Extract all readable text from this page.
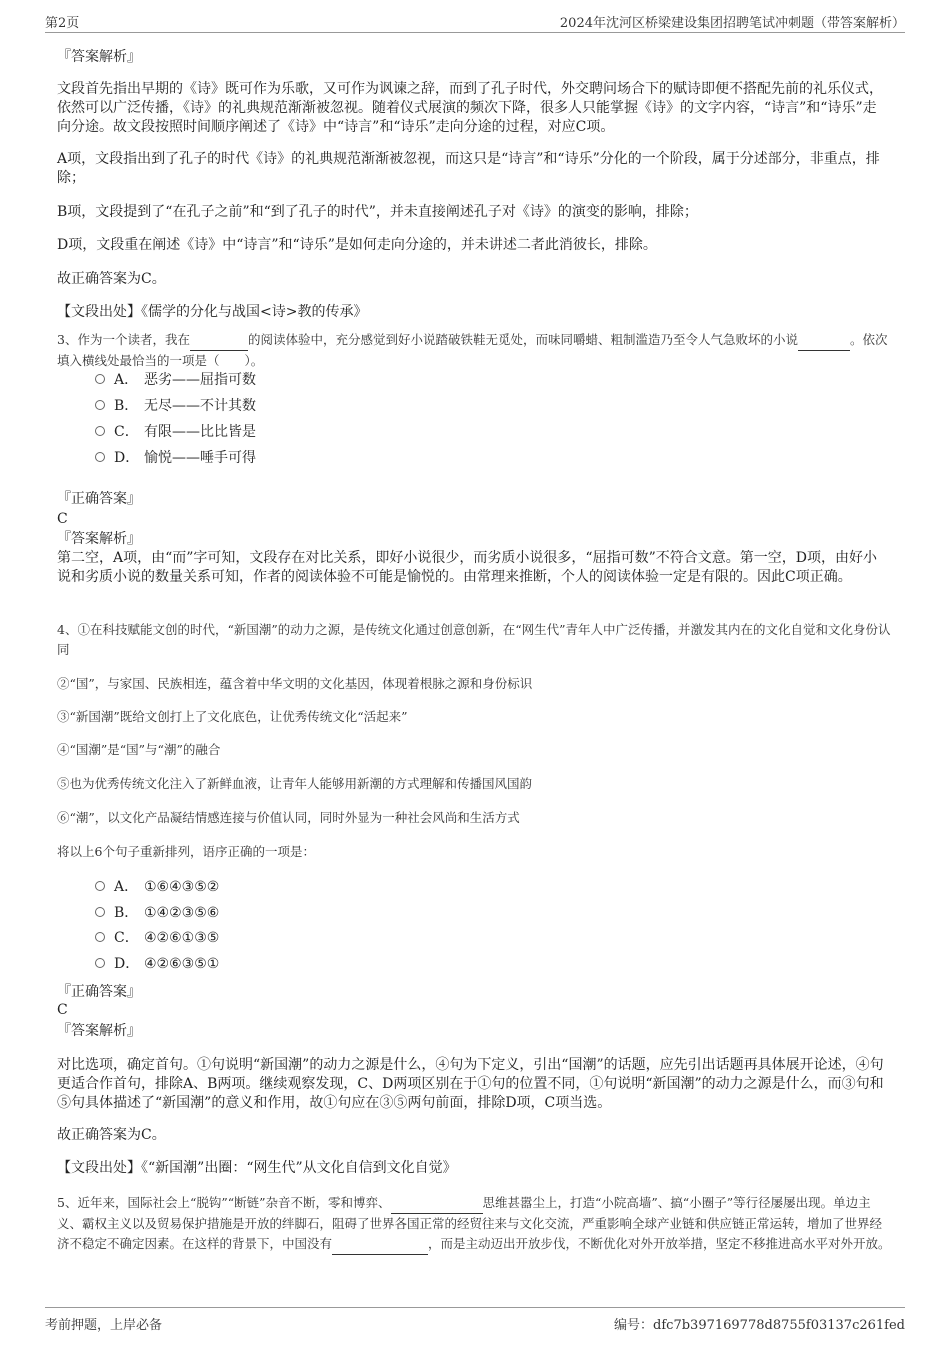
第2页	2024年沈河区桥梁建设集团招聘笔试冲刺题（带答案解析）
『答案解析』
文段首先指出早期的《诗》既可作为乐歌，又可作为讽谏之辞，而到了孔子时代，外交聘问场合下的赋诗即便不搭配先前的礼乐仪式，依然可以广泛传播，《诗》的礼典规范渐渐被忽视。随着仪式展演的频次下降，很多人只能掌握《诗》的文字内容，“诗言”和“诗乐”走向分途。故文段按照时间顺序阐述了《诗》中“诗言”和“诗乐”走向分途的过程，对应C项。
A项，文段指出到了孔子的时代《诗》的礼典规范渐渐被忽视，而这只是“诗言”和“诗乐”分化的一个阶段，属于分述部分，非重点，排除；
B项，文段提到了“在孔子之前”和“到了孔子的时代”，并未直接阐述孔子对《诗》的演变的影响，排除；
D项，文段重在阐述《诗》中“诗言”和“诗乐”是如何走向分途的，并未讲述二者此消彼长，排除。
故正确答案为C。
【文段出处】《儒学的分化与战国<诗>教的传承》
3、作为一个读者，我在	的阅读体验中，充分感觉到好小说踏破铁鞋无觅处，而味同嚼蜡、粗制滥造乃至令人气急败坏的小说	。依次填入横线处最恰当的一项是（　　）。
A． 恶劣——屈指可数
B． 无尽——不计其数
C． 有限——比比皆是
D． 愉悦——唾手可得
『正确答案』
C
『答案解析』
第二空，A项，由“而”字可知，文段存在对比关系，即好小说很少，而劣质小说很多，“屈指可数”不符合文意。第一空，D项，由好小说和劣质小说的数量关系可知，作者的阅读体验不可能是愉悦的。由常理来推断，个人的阅读体验一定是有限的。因此C项正确。
4、①在科技赋能文创的时代，“新国潮”的动力之源，是传统文化通过创意创新，在“网生代”青年人中广泛传播，并激发其内在的文化自觉和文化身份认同
②“国”，与家国、民族相连，蕴含着中华文明的文化基因，体现着根脉之源和身份标识
③“新国潮”既给文创打上了文化底色，让优秀传统文化“活起来”
④“国潮”是“国”与“潮”的融合
⑤也为优秀传统文化注入了新鲜血液，让青年人能够用新潮的方式理解和传播国风国韵
⑥“潮”，以文化产品凝结情感连接与价值认同，同时外显为一种社会风尚和生活方式
将以上6个句子重新排列，语序正确的一项是：
A． ①⑥④③⑤②
B． ①④②③⑤⑥
C． ④②⑥①③⑤
D． ④②⑥③⑤①
『正确答案』
C
『答案解析』
对比选项，确定首句。①句说明“新国潮”的动力之源是什么，④句为下定义，引出“国潮”的话题，应先引出话题再具体展开论述，④句更适合作首句，排除A、B两项。继续观察发现，C、D两项区别在于①句的位置不同，①句说明“新国潮”的动力之源是什么，而③句和⑤句具体描述了“新国潮”的意义和作用，故①句应在③⑤两句前面，排除D项，C项当选。
故正确答案为C。
【文段出处】《“新国潮”出圈：“网生代”从文化自信到文化自觉》
5、近年来，国际社会上“脱钩”“断链”杂音不断，零和博弈、	思维甚嚣尘上，打造“小院高墙”、搞“小圈子”等行径屡屡出现。单边主义、霸权主义以及贸易保护措施是开放的绊脚石，阻碍了世界各国正常的经贸往来与文化交流，严重影响全球产业链和供应链正常运转，增加了世界经济不稳定不确定因素。在这样的背景下，中国没有	，而是主动迈出开放步伐，不断优化对外开放举措，坚定不移推进高水平对外开放。
考前押题，上岸必备	编号：dfc7b397169778d8755f03137c261fed
